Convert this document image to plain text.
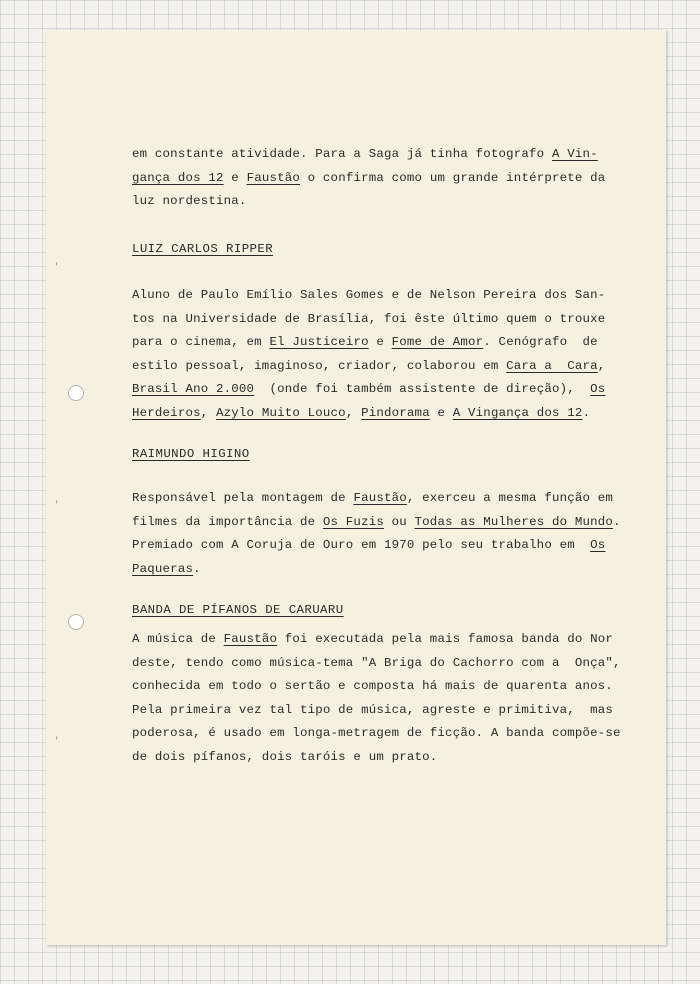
'
'
'
em constante atividade. Para a Saga já tinha fotografo A Vin-
gança dos 12 e Faustão o confirma como um grande intérprete da
luz nordestina.
LUIZ CARLOS RIPPER
Aluno de Paulo Emílio Sales Gomes e de Nelson Pereira dos San-
tos na Universidade de Brasília, foi êste último quem o trouxe
para o cinema, em El Justiceiro e Fome de Amor. Cenógrafo  de
estilo pessoal, imaginoso, criador, colaborou em Cara a  Cara,
Brasil Ano 2.000  (onde foi também assistente de direção),  Os
Herdeiros, Azylo Muito Louco, Pindorama e A Vingança dos 12.
RAIMUNDO HIGINO
Responsável pela montagem de Faustão, exerceu a mesma função em
filmes da importância de Os Fuzis ou Todas as Mulheres do Mundo.
Premiado com A Coruja de Ouro em 1970 pelo seu trabalho em  Os
Paqueras.
BANDA DE PÍFANOS DE CARUARU
A música de Faustão foi executada pela mais famosa banda do Nor
deste, tendo como música-tema "A Briga do Cachorro com a  Onça",
conhecida em todo o sertão e composta há mais de quarenta anos.
Pela primeira vez tal tipo de música, agreste e primitiva,  mas
poderosa, é usado em longa-metragem de ficção. A banda compõe-se
de dois pífanos, dois taróis e um prato.
